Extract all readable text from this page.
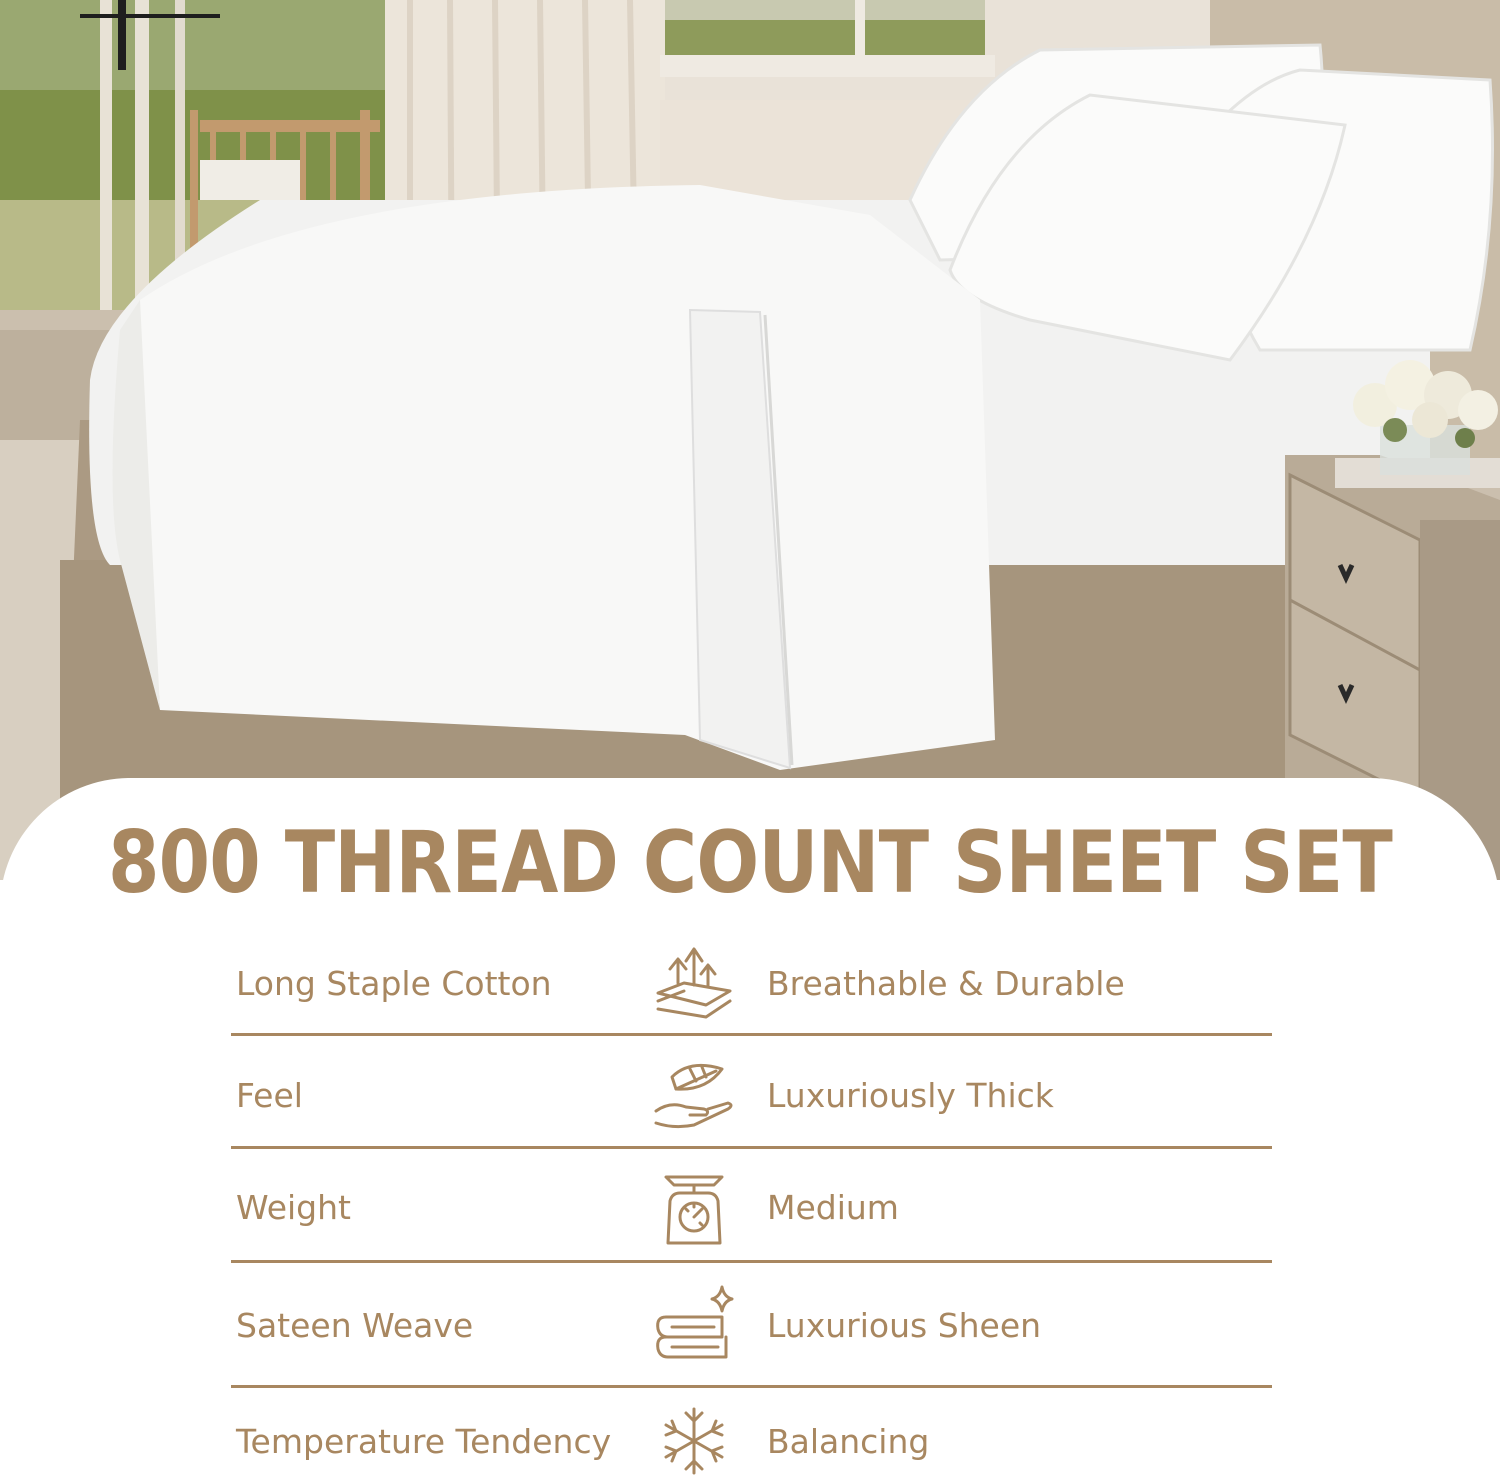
800 THREAD COUNT SHEET SET
Long Staple Cotton	Breathable & Durable
Feel	Luxuriously Thick
Weight	Medium
Sateen Weave	Luxurious Sheen
Temperature Tendency	Balancing
